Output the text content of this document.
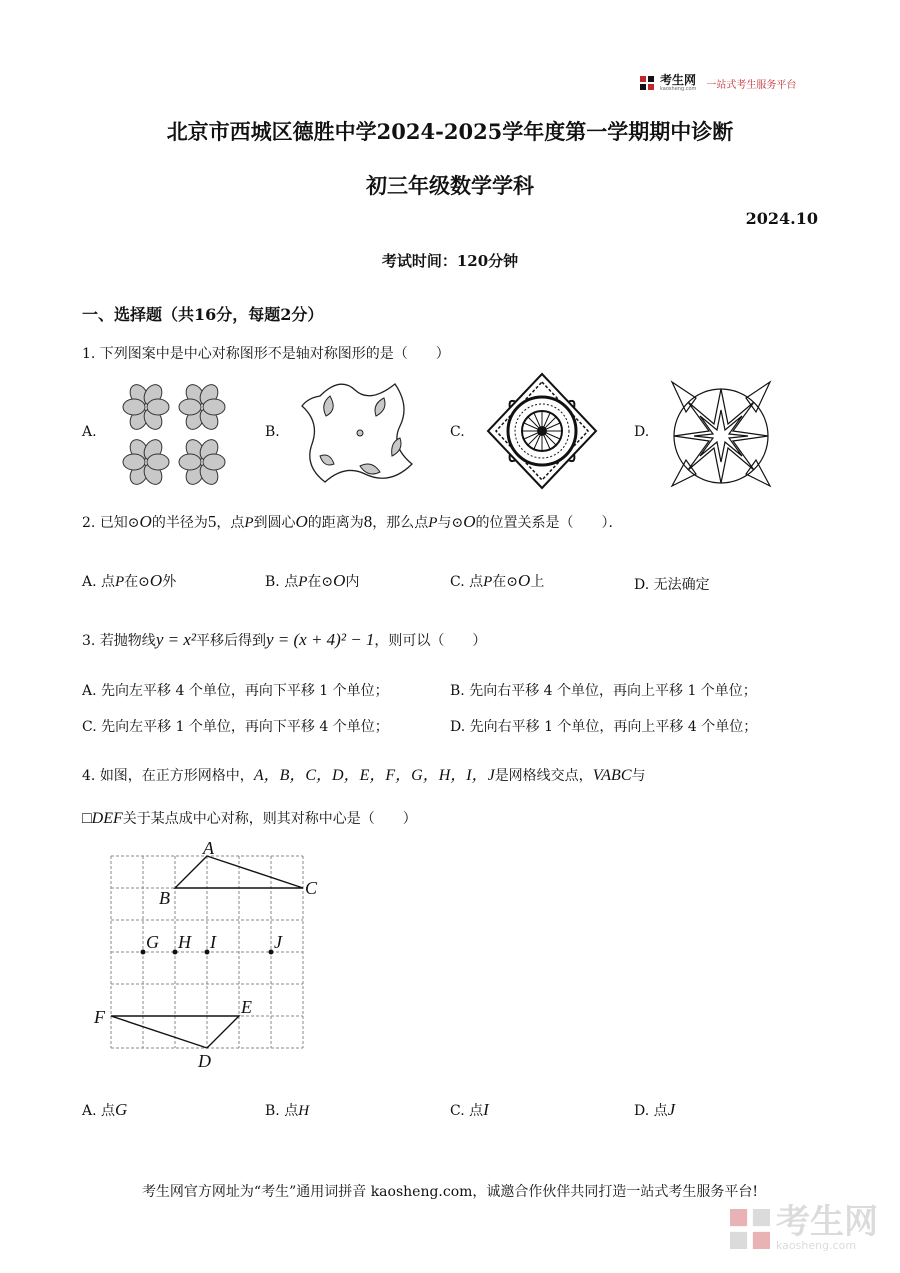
考生网
kaosheng.com 一站式考生服务平台
北京市西城区德胜中学2024-2025学年度第一学期期中诊断
初三年级数学学科
2024.10
考试时间：120分钟
一、选择题（共16分，每题2分）
1. 下列图案中是中心对称图形不是轴对称图形的是（　　）
A.	B.	C.	D.
2.
已知⊙ O 的半径为 5 ，点 P 到圆心 O 的距离为 8 ，那么点 P 与⊙ O 的位置关系是（　　）．
A. 点P在⊙O外	B. 点P在⊙O内	C. 点P在⊙O上	D. 无法确定
3.
若抛物线 y = x² 平移后得到 y = (x + 4)² − 1 ，则可以（　　）
A. 先向左平移 4 个单位，再向下平移 1 个单位；	B. 先向右平移 4 个单位，再向上平移 1 个单位；
C. 先向左平移 1 个单位，再向下平移 4 个单位；	D. 先向右平移 1 个单位，再向上平移 4 个单位；
4.
如图，在正方形网格中， A，B，C，D，E，F，G，H，I，J 是网格线交点， VABC 与
□DEF 关于某点成中心对称，则其对称中心是（　　）
A
B	C
D
E
F
G H I	J
A. 点G	B. 点H	C. 点I	D. 点J
考生网官方网址为“考生”通用词拼音 kaosheng.com，诚邀合作伙伴共同打造一站式考生服务平台!
考生网
kaosheng.com
